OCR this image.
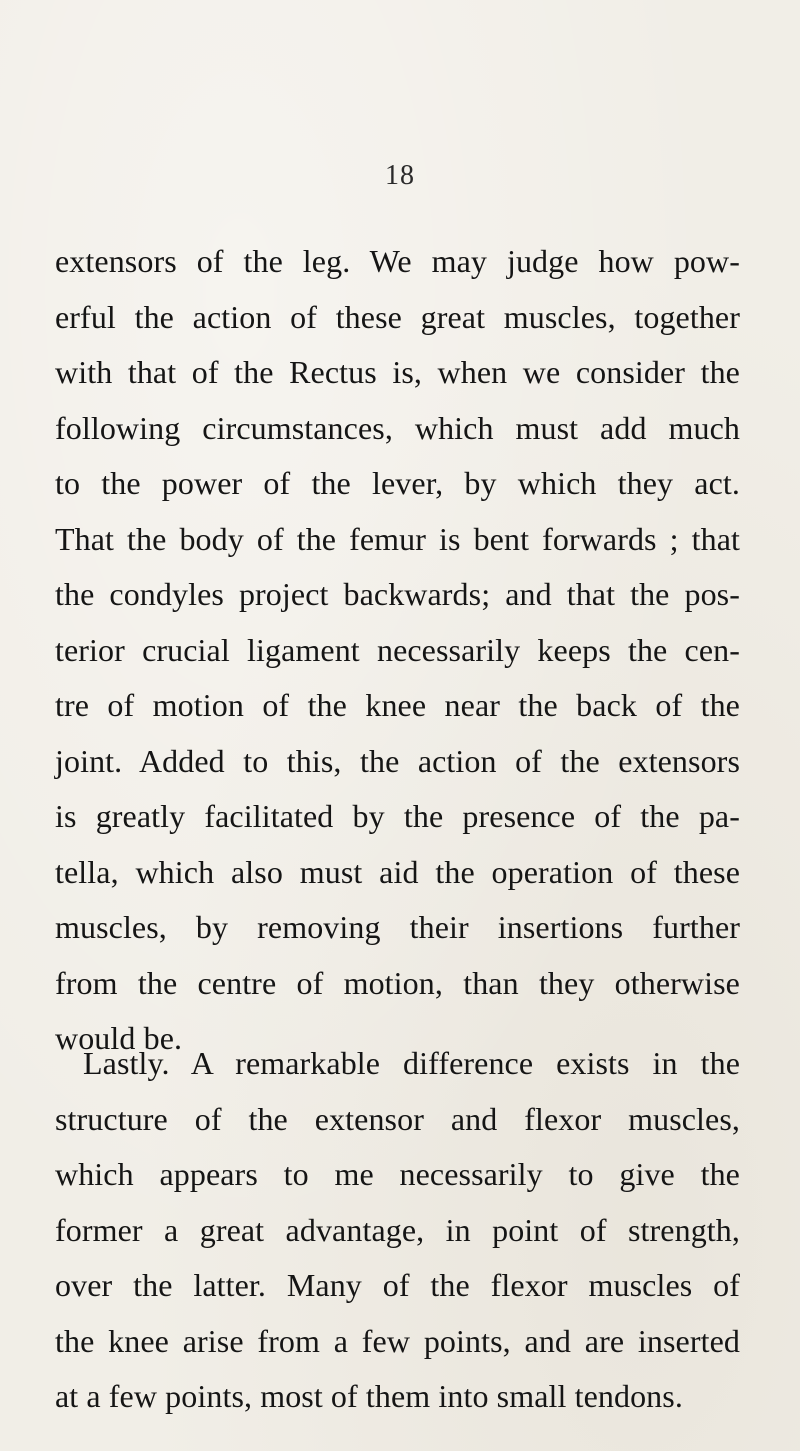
18
extensors of the leg. We may judge how pow-
erful the action of these great muscles, together
with that of the Rectus is, when we consider the
following circumstances, which must add much
to the power of the lever, by which they act.
That the body of the femur is bent forwards ; that
the condyles project backwards; and that the pos-
terior crucial ligament necessarily keeps the cen-
tre of motion of the knee near the back of the
joint. Added to this, the action of the extensors
is greatly facilitated by the presence of the pa-
tella, which also must aid the operation of these
muscles, by removing their insertions further
from the centre of motion, than they otherwise
would be.
Lastly. A remarkable difference exists in the
structure of the extensor and flexor muscles,
which appears to me necessarily to give the
former a great advantage, in point of strength,
over the latter. Many of the flexor muscles of
the knee arise from a few points, and are inserted
at a few points, most of them into small tendons.
